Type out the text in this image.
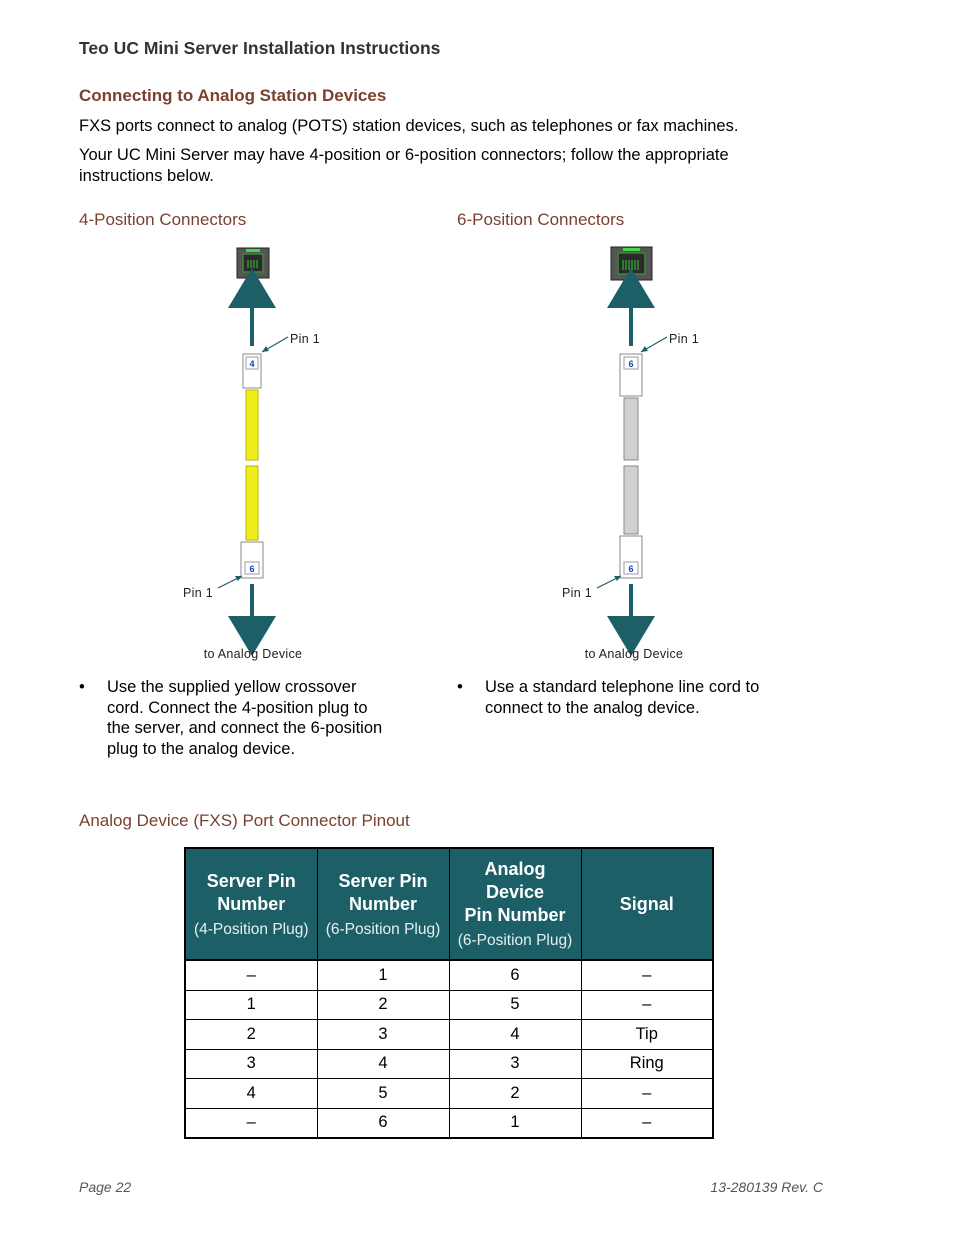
Teo UC Mini Server Installation Instructions
Connecting to Analog Station Devices
FXS ports connect to analog (POTS) station devices, such as telephones or fax machines.
Your UC Mini Server may have 4-position or 6-position connectors; follow the appropriate
instructions below.
4-Position Connectors	6-Position Connectors
4
6
Pin 1
Pin 1
to Analog Device
6
6
Pin 1
Pin 1
to Analog Device
• Use the supplied yellow crossover
cord. Connect the 4-position plug to
the server, and connect the 6-position
plug to the analog device.
• Use a standard telephone line cord to
connect to the analog device.
Analog Device (FXS) Port Connector Pinout
Server Pin
Number
(4-Position Plug)	Server Pin
Number
(6-Position Plug)	Analog Device
Pin Number
(6-Position Plug)	Signal

–	1	6	–
1	2	5	–
2	3	4	Tip
3	4	3	Ring
4	5	2	–
–	6	1	–
Page 22	13-280139 Rev. C
